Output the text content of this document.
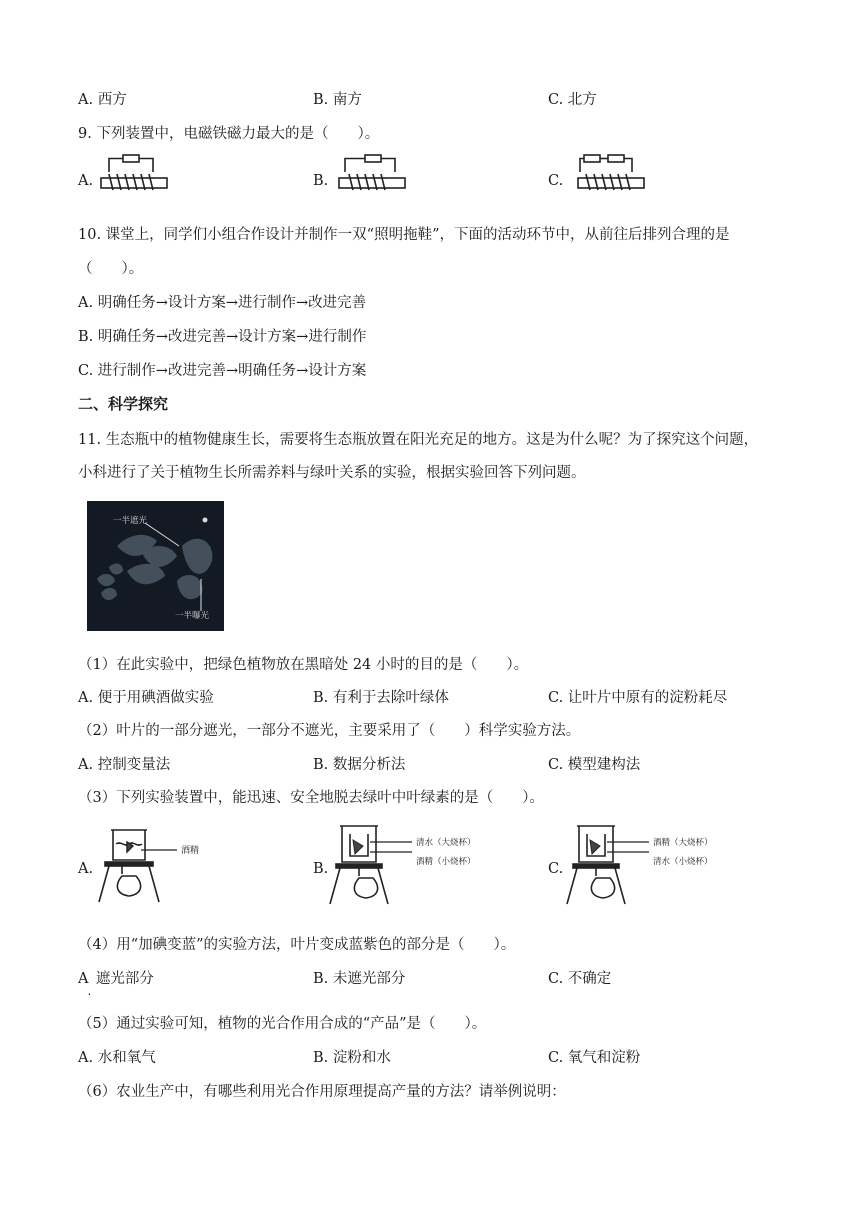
A. 西方	B. 南方	C. 北方
9. 下列装置中，电磁铁磁力最大的是（　　）。
A.	B.	C.
10. 课堂上，同学们小组合作设计并制作一双“照明拖鞋”，下面的活动环节中，从前往后排列合理的是
（　　）。
A. 明确任务→设计方案→进行制作→改进完善
B. 明确任务→改进完善→设计方案→进行制作
C. 进行制作→改进完善→明确任务→设计方案
二、科学探究
11. 生态瓶中的植物健康生长，需要将生态瓶放置在阳光充足的地方。这是为什么呢？为了探究这个问题，
小科进行了关于植物生长所需养料与绿叶关系的实验，根据实验回答下列问题。
一半遮光
一半曝光
（1）在此实验中，把绿色植物放在黑暗处 24 小时的目的是（　　）。
A. 便于用碘酒做实验	B. 有利于去除叶绿体	C. 让叶片中原有的淀粉耗尽
（2）叶片的一部分遮光，一部分不遮光，主要采用了（　　）科学实验方法。
A. 控制变量法	B. 数据分析法	C. 模型建构法
（3）下列实验装置中，能迅速、安全地脱去绿叶中叶绿素的是（　　）。
A.	B.	C.
酒精
清水（大烧杯）
酒精（小烧杯）
酒精（大烧杯）
清水（小烧杯）
（4）用“加碘变蓝”的实验方法，叶片变成蓝紫色的部分是（　　）。
$A_.$ 遮光部分	B. 未遮光部分	C. 不确定
（5）通过实验可知，植物的光合作用合成的“产品”是（　　）。
A. 水和氧气	B. 淀粉和水	C. 氧气和淀粉
（6）农业生产中，有哪些利用光合作用原理提高产量的方法？请举例说明：
